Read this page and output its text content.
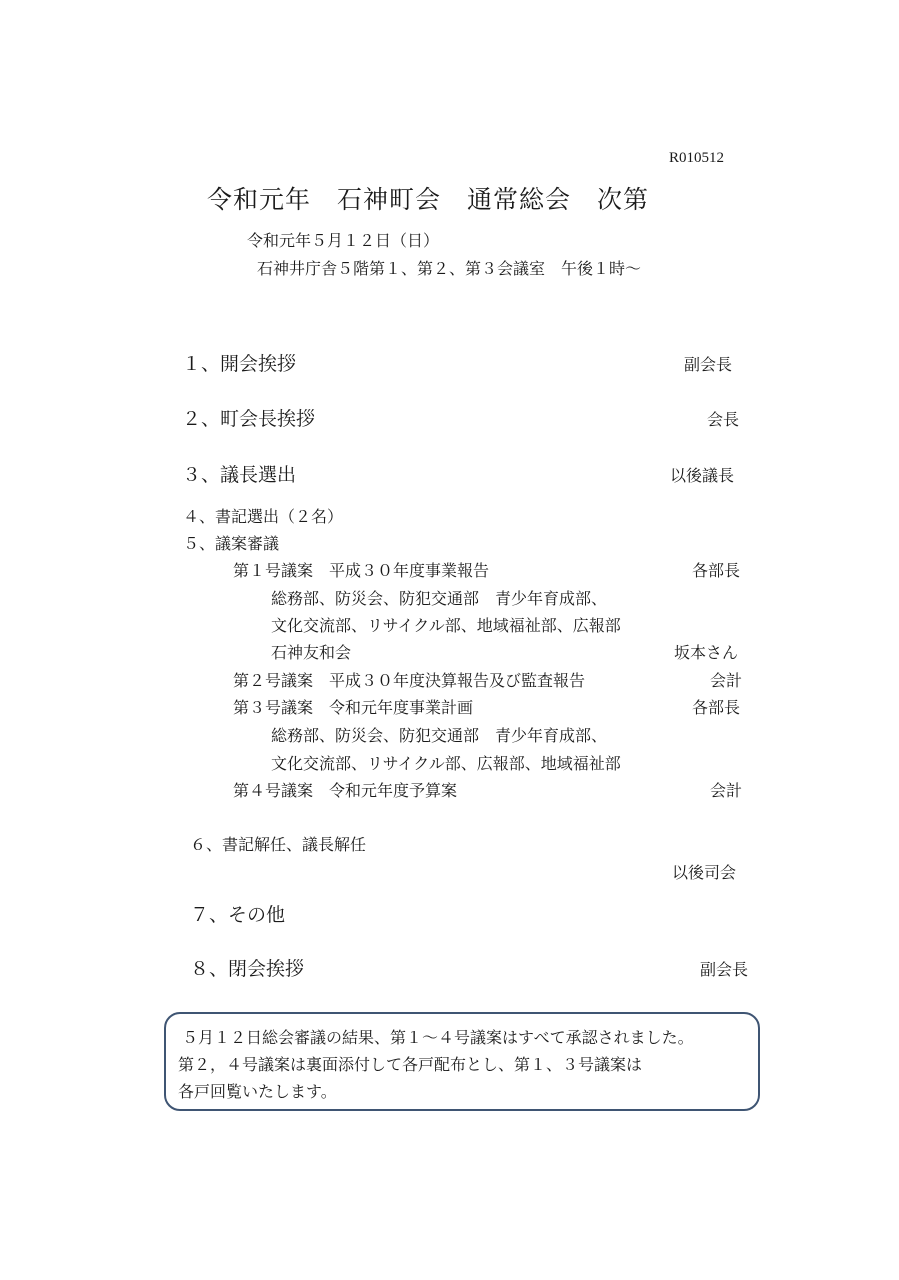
R010512
令和元年　石神町会　通常総会　次第
令和元年５月１２日（日）
石神井庁舎５階第１、第２、第３会議室　午後１時～
１、開会挨拶	副会長
２、町会長挨拶	会長
３、議長選出	以後議長
４、書記選出（２名）
５、議案審議
第１号議案　平成３０年度事業報告	各部長
総務部、防災会、防犯交通部　青少年育成部、
文化交流部、リサイクル部、地域福祉部、広報部
石神友和会	坂本さん
第２号議案　平成３０年度決算報告及び監査報告	会計
第３号議案　令和元年度事業計画	各部長
総務部、防災会、防犯交通部　青少年育成部、
文化交流部、リサイクル部、広報部、地域福祉部
第４号議案　令和元年度予算案	会計
６、書記解任、議長解任
以後司会
７、その他
８、閉会挨拶	副会長
５月１２日総会審議の結果、第１～４号議案はすべて承認されました。
第２，４号議案は裏面添付して各戸配布とし、第１、３号議案は
各戸回覧いたします。
